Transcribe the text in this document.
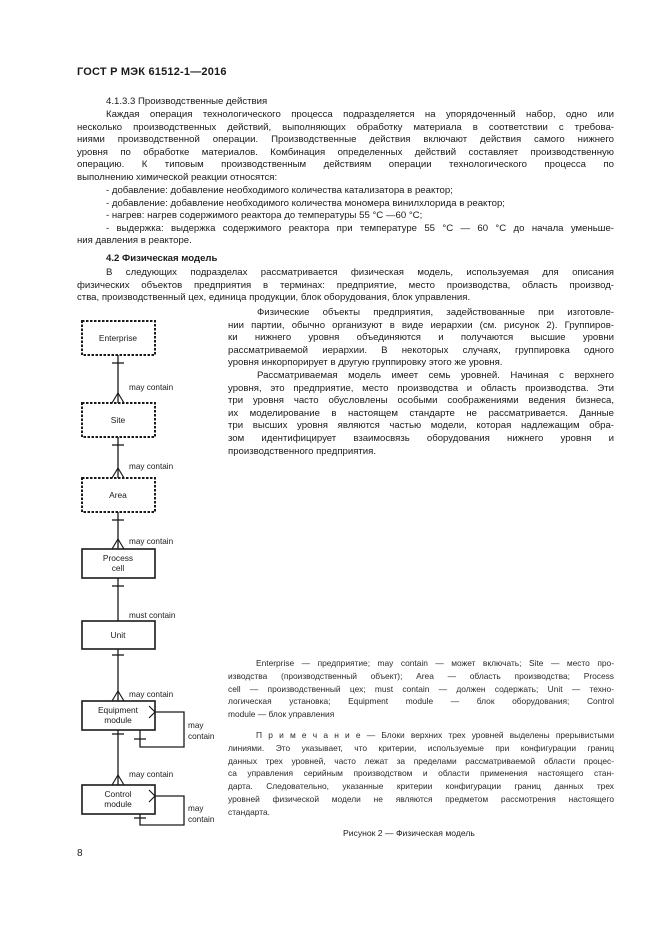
ГОСТ Р МЭК 61512-1—2016
4.1.3.3 Производственные действия
Каждая операция технологического процесса подразделяется на упорядоченный набор, одно или
несколько производственных действий, выполняющих обработку материала в соответствии с требова-
ниями производственной операции. Производственные действия включают действия самого нижнего
уровня по обработке материалов. Комбинация определенных действий составляет производственную
операцию. К типовым производственным действиям операции технологического процесса по
выполнению химической реакции относятся:
- добавление: добавление необходимого количества катализатора в реактор;
- добавление: добавление необходимого количества мономера винилхлорида в реактор;
- нагрев: нагрев содержимого реактора до температуры 55 °С —60 °С;
- выдержка: выдержка содержимого реактора при температуре 55 °С — 60 °С до начала уменьше-
ния давления в реакторе.
4.2 Физическая модель
В следующих подразделах рассматривается физическая модель, используемая для описания
физических объектов предприятия в терминах: предприятие, место производства, область производ-
ства, производственный цех, единица продукции, блок оборудования, блок управления.
Физические объекты предприятия, задействованные при изготовле-
нии партии, обычно организуют в виде иерархии (см. рисунок 2). Группиров-
ки нижнего уровня объединяются и получаются высшие уровни
рассматриваемой иерархии. В некоторых случаях, группировка одного
уровня инкорпорирует в другую группировку этого же уровня.
Рассматриваемая модель имеет семь уровней. Начиная с верхнего
уровня, это предприятие, место производства и область производства. Эти
три уровня часто обусловлены особыми соображениями ведения бизнеса,
их моделирование в настоящем стандарте не рассматривается. Данные
три высших уровня являются частью модели, которая надлежащим обра-
зом идентифицирует взаимосвязь оборудования нижнего уровня и
производственного предприятия.
Enterprise
Site
Area
Process
cell
Unit
Equipment
module
Control
module
may contain
may contain
may contain
must contain
may contain
may contain
may
contain
may
contain
Enterprise — предприятие; may contain — может включать; Site — место про-
изводства (производственный объект); Area — область производства; Process
cell — производственный цех; must contain — должен содержать; Unit — техно-
логическая установка; Equipment module — блок оборудования; Control
module — блок управления
П р и м е ч а н и е — Блоки верхних трех уровней выделены прерывистыми
линиями. Это указывает, что критерии, используемые при конфигурации границ
данных трех уровней, часто лежат за пределами рассматриваемой области процес-
са управления серийным производством и области применения настоящего стан-
дарта. Следовательно, указанные критерии конфигурации границ данных трех
уровней физической модели не являются предметом рассмотрения настоящего
стандарта.
Рисунок 2 — Физическая модель
8
